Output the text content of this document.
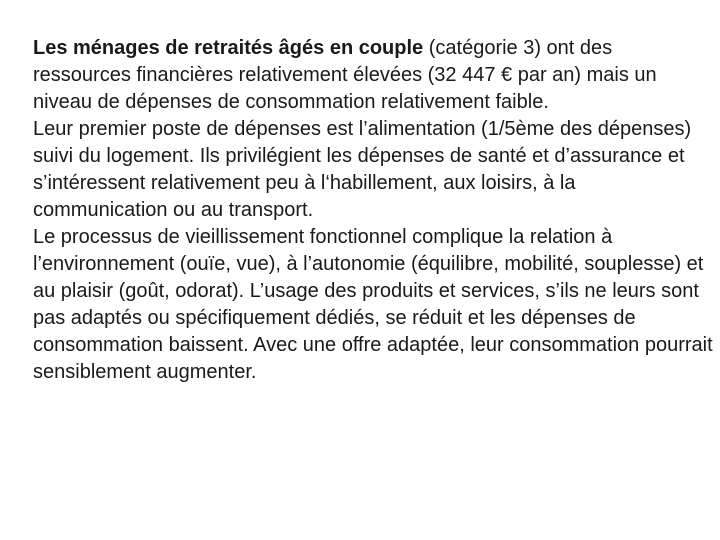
Les ménages de retraités âgés en couple (catégorie 3) ont des ressources financières relativement élevées (32 447 € par an) mais un niveau de dépenses de consommation relativement faible.

Leur premier poste de dépenses est l’alimentation (1/5ème des dépenses) suivi du logement. Ils privilégient les dépenses de santé et d’assurance et s’intéressent relativement peu à l‘habillement, aux loisirs, à la communication ou au transport.

Le processus de vieillissement fonctionnel complique la relation à l’environnement (ouïe, vue), à l’autonomie (équilibre, mobilité, souplesse) et au plaisir (goût, odorat). L’usage des produits et services, s’ils ne leurs sont pas adaptés ou spécifiquement dédiés, se réduit et les dépenses de consommation baissent. Avec une offre adaptée, leur consommation pourrait sensiblement augmenter.
